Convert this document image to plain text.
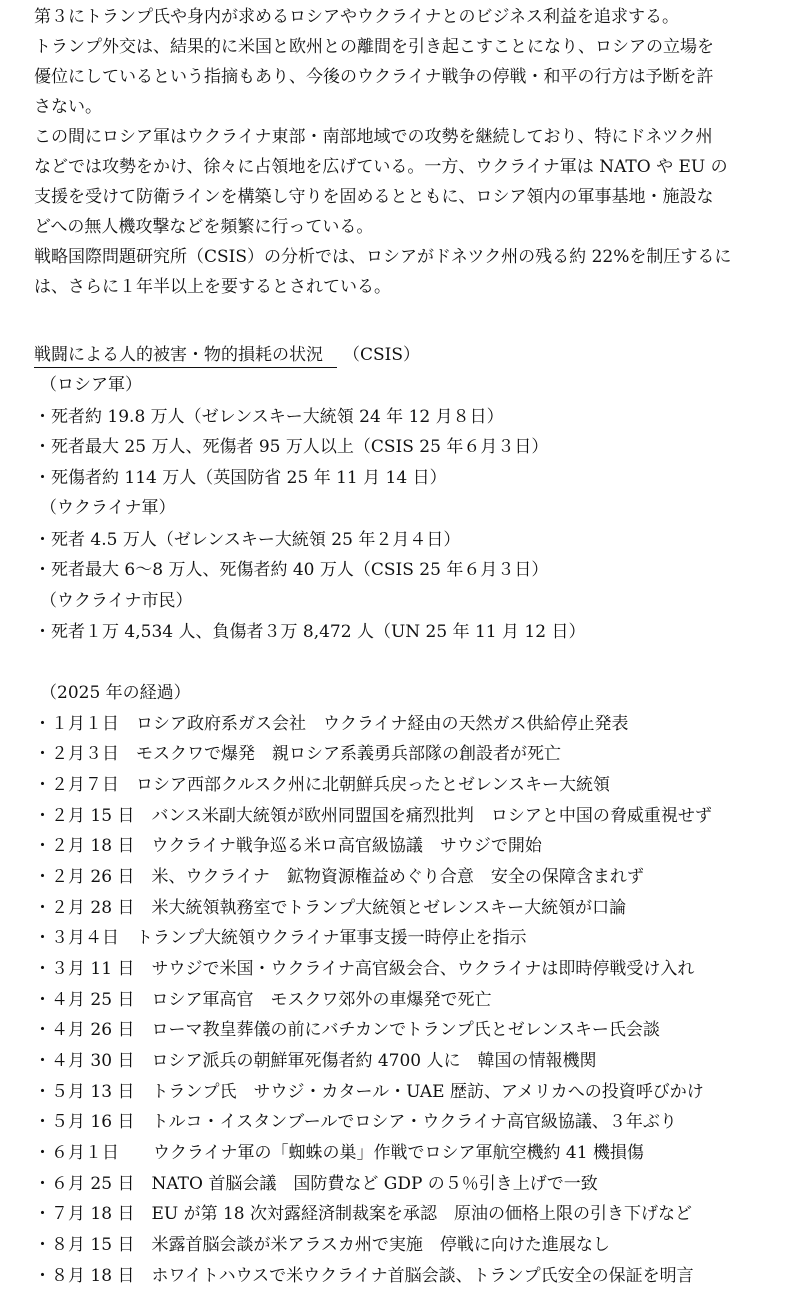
第３にトランプ氏や身内が求めるロシアやウクライナとのビジネス利益を追求する。
トランプ外交は、結果的に米国と欧州との離間を引き起こすことになり、ロシアの立場を
優位にしているという指摘もあり、今後のウクライナ戦争の停戦・和平の行方は予断を許
さない。
この間にロシア軍はウクライナ東部・南部地域での攻勢を継続しており、特にドネツク州
などでは攻勢をかけ、徐々に占領地を広げている。一方、ウクライナ軍は NATO や EU の
支援を受けて防衛ラインを構築し守りを固めるとともに、ロシア領内の軍事基地・施設な
どへの無人機攻撃などを頻繁に行っている。
戦略国際問題研究所（CSIS）の分析では、ロシアがドネツク州の残る約 22%を制圧するに
は、さらに１年半以上を要するとされている。
戦闘による人的被害・物的損耗の状況 （CSIS）
（ロシア軍）
・死者約 19.8 万人（ゼレンスキー大統領 24 年 12 月８日）
・死者最大 25 万人、死傷者 95 万人以上（CSIS 25 年６月３日）
・死傷者約 114 万人（英国防省 25 年 11 月 14 日）
（ウクライナ軍）
・死者 4.5 万人（ゼレンスキー大統領 25 年２月４日）
・死者最大 6～8 万人、死傷者約 40 万人（CSIS 25 年６月３日）
（ウクライナ市民）
・死者１万 4,534 人、負傷者３万 8,472 人（UN 25 年 11 月 12 日）
（2025 年の経過）
・１月１日　ロシア政府系ガス会社　ウクライナ経由の天然ガス供給停止発表
・２月３日　モスクワで爆発　親ロシア系義勇兵部隊の創設者が死亡
・２月７日　ロシア西部クルスク州に北朝鮮兵戻ったとゼレンスキー大統領
・２月 15 日　バンス米副大統領が欧州同盟国を痛烈批判　ロシアと中国の脅威重視せず
・２月 18 日　ウクライナ戦争巡る米ロ高官級協議　サウジで開始
・２月 26 日　米、ウクライナ　鉱物資源権益めぐり合意　安全の保障含まれず
・２月 28 日　米大統領執務室でトランプ大統領とゼレンスキー大統領が口論
・３月４日　トランプ大統領ウクライナ軍事支援一時停止を指示
・３月 11 日　サウジで米国・ウクライナ高官級会合、ウクライナは即時停戦受け入れ
・４月 25 日　ロシア軍高官　モスクワ郊外の車爆発で死亡
・４月 26 日　ローマ教皇葬儀の前にバチカンでトランプ氏とゼレンスキー氏会談
・４月 30 日　ロシア派兵の朝鮮軍死傷者約 4700 人に　韓国の情報機関
・５月 13 日　トランプ氏　サウジ・カタール・UAE 歴訪、アメリカへの投資呼びかけ
・５月 16 日　トルコ・イスタンブールでロシア・ウクライナ高官級協議、３年ぶり
・６月１日　　ウクライナ軍の「蜘蛛の巣」作戦でロシア軍航空機約 41 機損傷
・６月 25 日　NATO 首脳会議　国防費など GDP の５％引き上げで一致
・７月 18 日　EU が第 18 次対露経済制裁案を承認　原油の価格上限の引き下げなど
・８月 15 日　米露首脳会談が米アラスカ州で実施　停戦に向けた進展なし
・８月 18 日　ホワイトハウスで米ウクライナ首脳会談、トランプ氏安全の保証を明言
